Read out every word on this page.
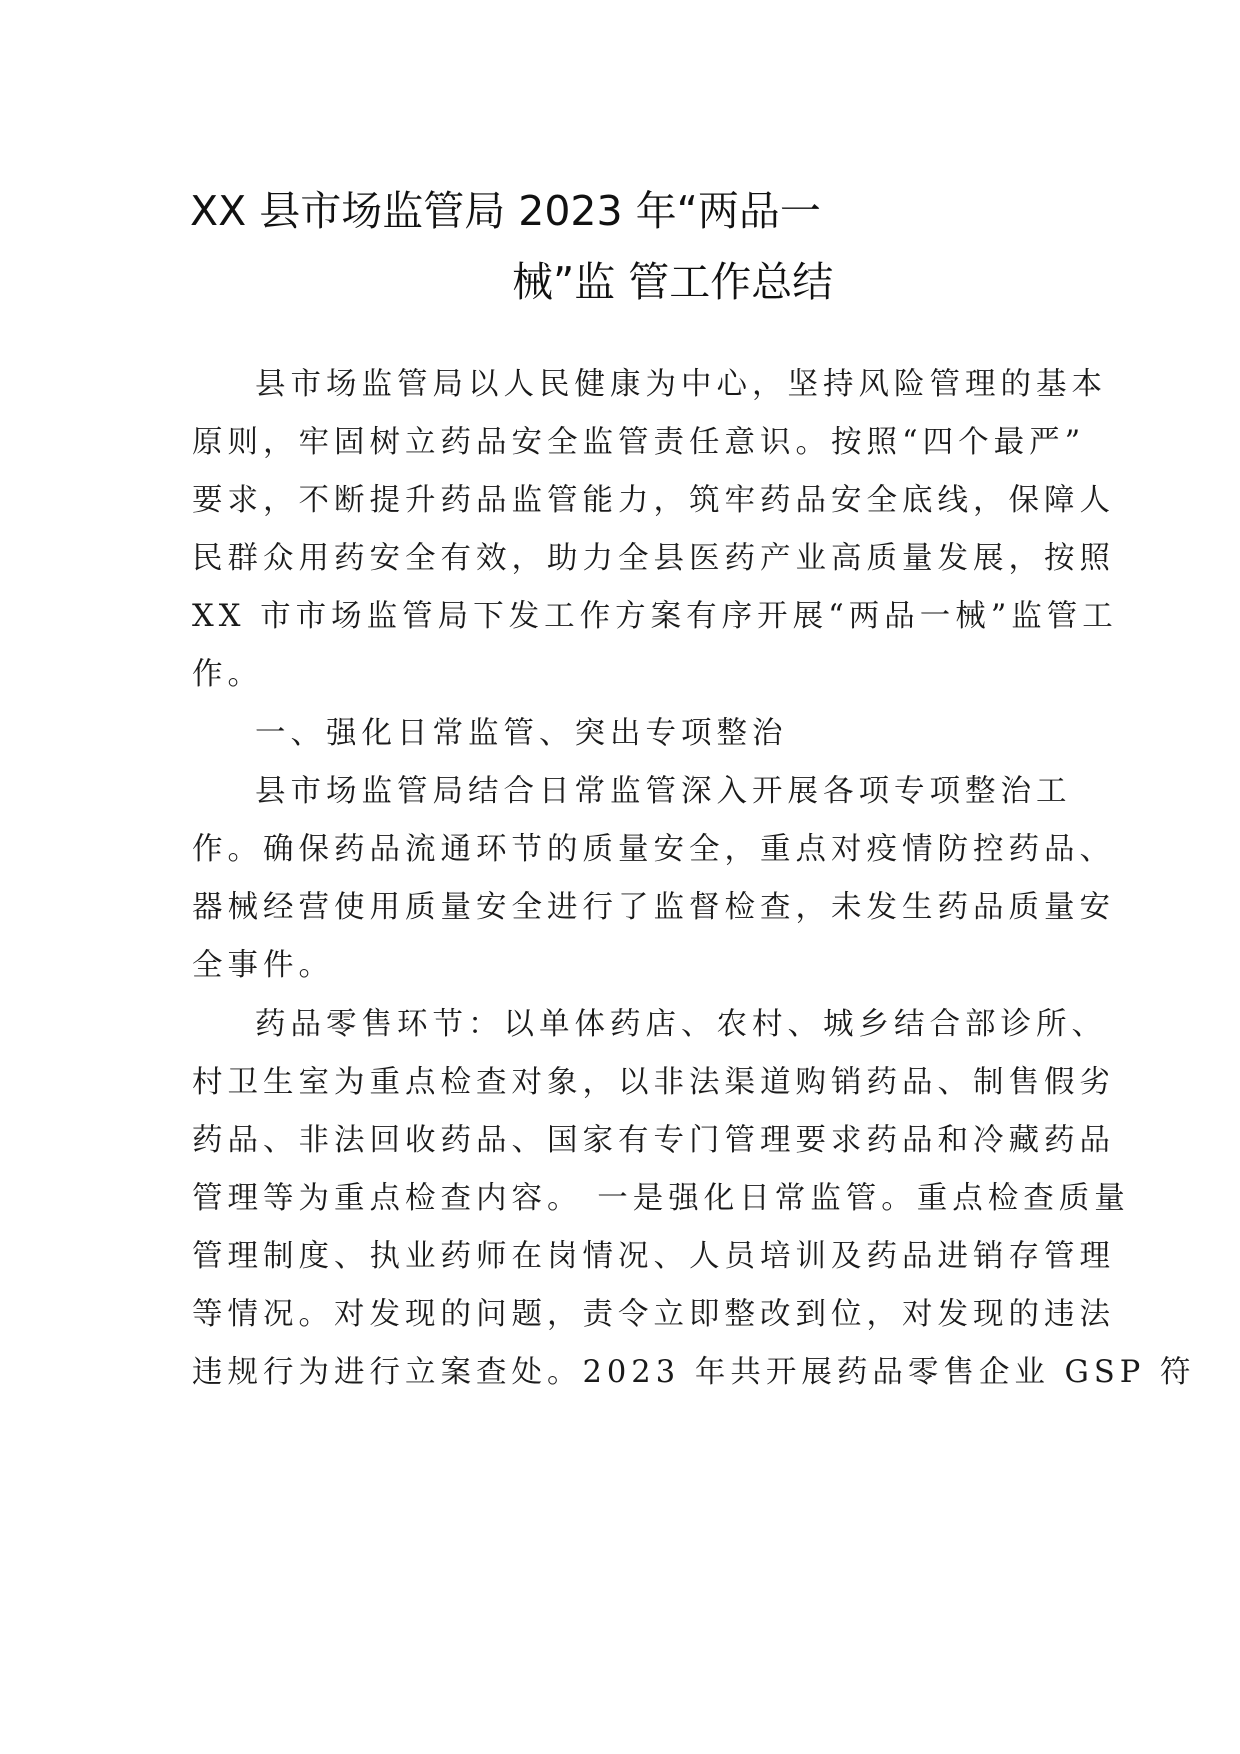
XX 县市场监管局 2023 年“两品一
械”监 管工作总结
县市场监管局以人民健康为中心，坚持风险管理的基本
原则，牢固树立药品安全监管责任意识。按照“四个最严”
要求，不断提升药品监管能力，筑牢药品安全底线，保障人
民群众用药安全有效，助力全县医药产业高质量发展，按照
XX 市市场监管局下发工作方案有序开展“两品一械”监管工
作。
一、强化日常监管、突出专项整治
县市场监管局结合日常监管深入开展各项专项整治工
作。确保药品流通环节的质量安全，重点对疫情防控药品、
器械经营使用质量安全进行了监督检查，未发生药品质量安
全事件。
药品零售环节：以单体药店、农村、城乡结合部诊所、
村卫生室为重点检查对象，以非法渠道购销药品、制售假劣
药品、非法回收药品、国家有专门管理要求药品和冷藏药品
管理等为重点检查内容。 一是强化日常监管。重点检查质量
管理制度、执业药师在岗情况、人员培训及药品进销存管理
等情况。对发现的问题，责令立即整改到位，对发现的违法
违规行为进行立案查处。2023 年共开展药品零售企业 GSP 符
